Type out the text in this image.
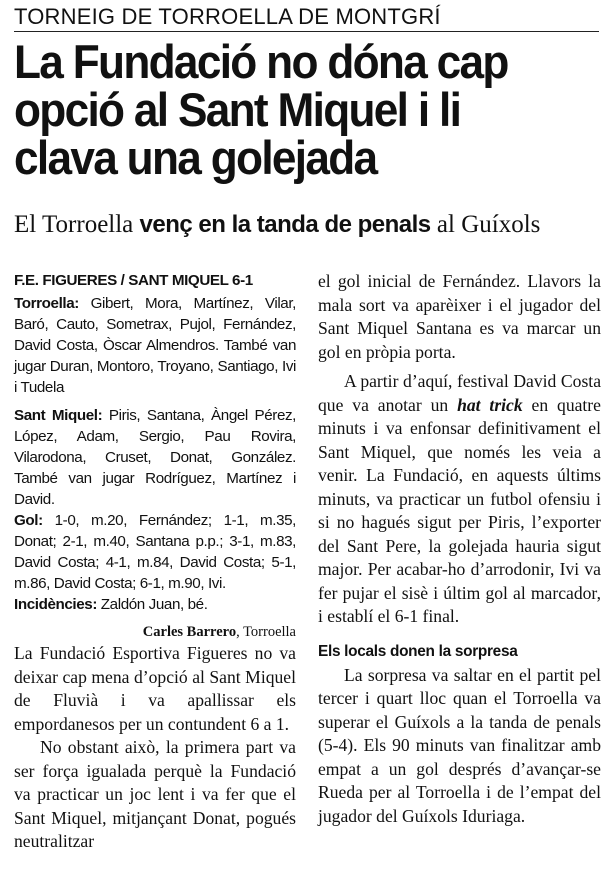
TORNEIG DE TORROELLA DE MONTGRÍ
La Fundació no dóna cap
opció al Sant Miquel i li
clava una golejada
El Torroella venç en la tanda de penals al Guíxols

F.E. FIGUERES / SANT MIQUEL 6-1

Torroella: Gibert, Mora, Martínez, Vilar, Baró, Cauto, Sometrax, Pujol, Fernández, David Costa, Òscar Almendros. També van jugar Duran, Montoro, Troyano, Santiago, Ivi i Tudela

Sant Miquel: Piris, Santana, Àngel Pérez, López, Adam, Sergio, Pau Rovira, Vilarodona, Cruset, Donat, González. També van jugar Rodríguez, Martínez i David.

Gol: 1-0, m.20, Fernández; 1-1, m.35, Donat; 2-1, m.40, Santana p.p.; 3-1, m.83, David Costa; 4-1, m.84, David Costa; 5-1, m.86, David Costa; 6-1, m.90, Ivi.

Incidències: Zaldón Juan, bé.

Carles Barrero, Torroella

La Fundació Esportiva Figueres no va deixar cap mena d’opció al Sant Miquel de Fluvià i va apallissar els empordanesos per un contundent 6 a 1.

No obstant això, la primera part va ser força igualada perquè la Fundació va practicar un joc lent i va fer que el Sant Miquel, mitjançant Donat, pogués neutralitzar

el gol inicial de Fernández. Llavors la mala sort va aparèixer i el jugador del Sant Miquel Santana es va marcar un gol en pròpia porta.

A partir d’aquí, festival David Costa que va anotar un hat trick en quatre minuts i va enfonsar definitivament el Sant Miquel, que només les veia a venir. La Fundació, en aquests últims minuts, va practicar un futbol ofensiu i si no hagués sigut per Piris, l’exporter del Sant Pere, la golejada hauria sigut major. Per acabar-ho d’arrodonir, Ivi va fer pujar el sisè i últim gol al marcador, i establí el 6-1 final.

Els locals donen la sorpresa

La sorpresa va saltar en el partit pel tercer i quart lloc quan el Torroella va superar el Guíxols a la tanda de penals (5-4). Els 90 minuts van finalitzar amb empat a un gol després d’avançar-se Rueda per al Torroella i de l’empat del jugador del Guíxols Iduriaga.
